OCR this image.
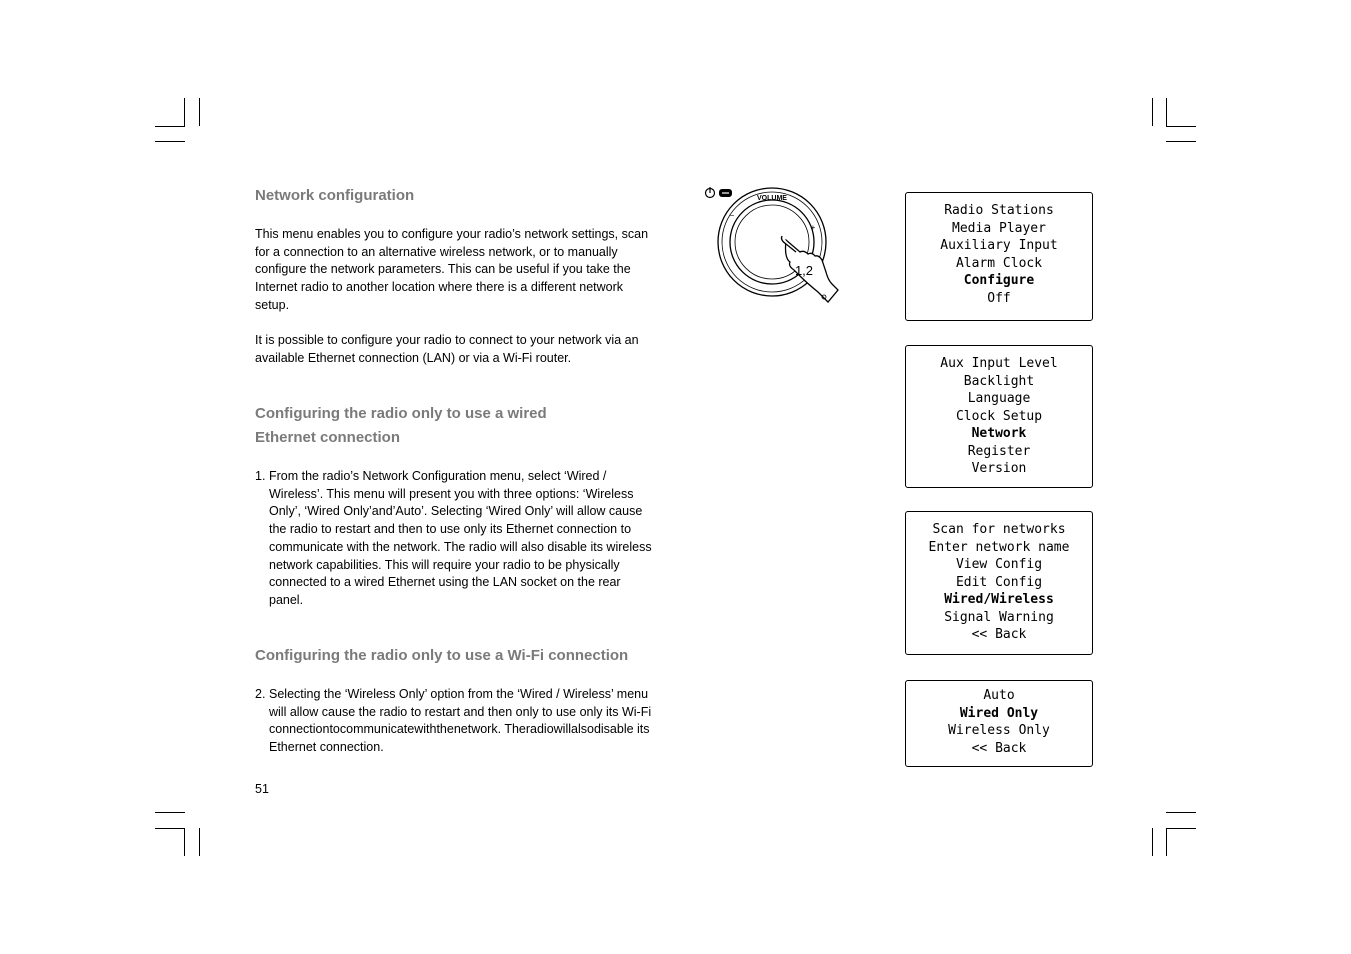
Network configuration

This menu enables you to configure your radio’s network settings, scan for a connection to an alternative wireless network, or to manually configure the network parameters. This can be useful if you take the Internet radio to another location where there is a different network setup.

It is possible to configure your radio to connect to your network via an available Ethernet connection (LAN) or via a Wi-Fi router.

Configuring the radio only to use a wired
Ethernet connection
1. From the radio’s Network Configuration menu, select ‘Wired / Wireless’. This menu will present you with three options: ‘Wireless Only’, ‘Wired Only’and’Auto’. Selecting ‘Wired Only’ will allow cause the radio to restart and then to use only its Ethernet connection to communicate with the network. The radio will also disable its wireless network capabilities. This will require your radio to be physically connected to a wired Ethernet using the LAN socket on the rear panel.
Configuring the radio only to use a Wi-Fi connection
2. Selecting the ‘Wireless Only’ option from the ‘Wired / Wireless’ menu will allow cause the radio to restart and then only to use only its Wi-Fi connectiontocommunicatewiththenetwork. Theradiowillalsodisable its Ethernet connection.
51
VOLUME
−
+
1,2
Radio Stations
Media Player
Auxiliary Input
Alarm Clock
Configure
Off
Aux Input Level
Backlight
Language
Clock Setup
Network
Register
Version
Scan for networks
Enter network name
View Config
Edit Config
Wired/Wireless
Signal Warning
<< Back
Auto
Wired Only
Wireless Only
<< Back
